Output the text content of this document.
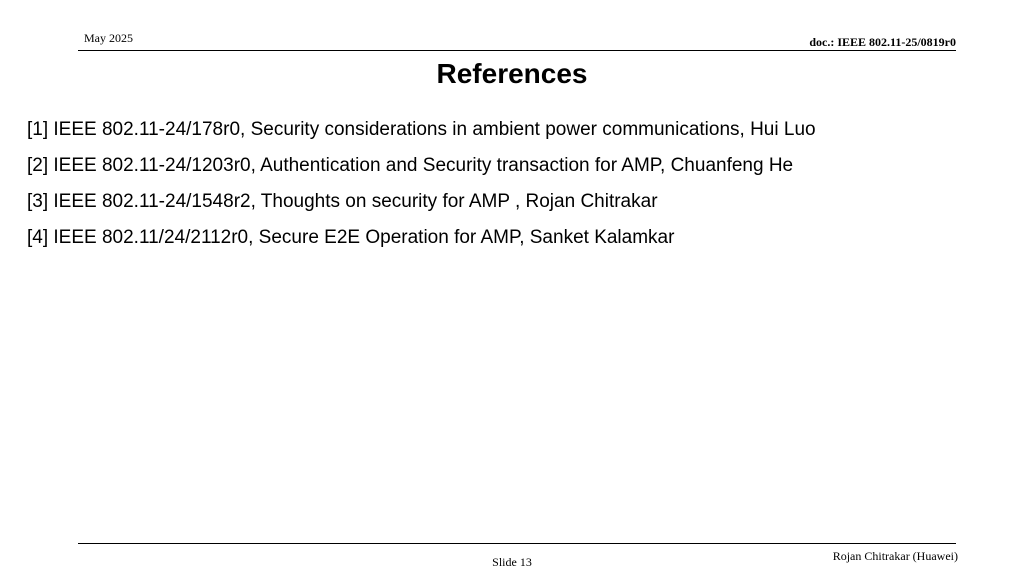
May 2025	doc.: IEEE 802.11-25/0819r0
References
[1] IEEE 802.11-24/178r0, Security considerations in ambient power communications, Hui Luo
[2] IEEE 802.11-24/1203r0, Authentication and Security transaction for AMP, Chuanfeng He
[3] IEEE 802.11-24/1548r2, Thoughts on security for AMP , Rojan Chitrakar
[4] IEEE 802.11/24/2112r0, Secure E2E Operation for AMP, Sanket Kalamkar
Slide 13	Rojan Chitrakar (Huawei)
